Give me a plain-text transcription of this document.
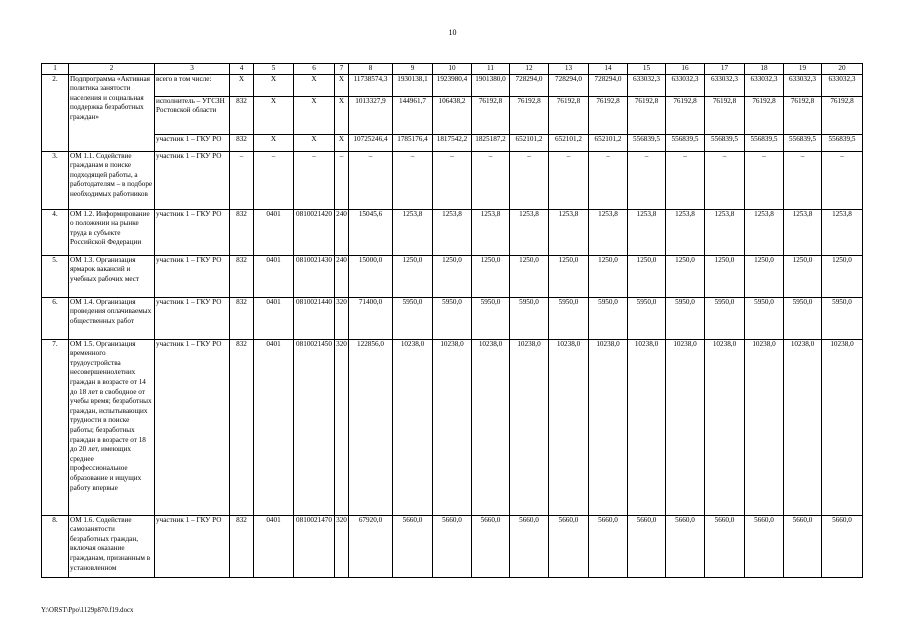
10
1	2	3	4	5	6	7	8	9	10	11	12	13	14	15	16	17	18	19	20
2.	Подпрограмма «Активная политика занятости населения и социальная поддержка безработных граждан»	всего в том числе:	Х	Х	Х	Х	11738574,3	1930138,1	1923980,4	1901380,0	728294,0	728294,0	728294,0	633032,3	633032,3	633032,3	633032,3	633032,3	633032,3
		исполнитель – УГСЗН Ростовской области	832	Х	Х	Х	1013327,9	144961,7	106438,2	76192,8	76192,8	76192,8	76192,8	76192,8	76192,8	76192,8	76192,8	76192,8	76192,8
		участник 1 – ГКУ РО	832	Х	Х	Х	10725246,4	1785176,4	1817542,2	1825187,2	652101,2	652101,2	652101,2	556839,5	556839,5	556839,5	556839,5	556839,5	556839,5
3.	ОМ 1.1. Содействие гражданам в поиске подходящей работы, а работодателям – в подборе необходимых работников	участник 1 – ГКУ РО	–	–	–	–	–	–	–	–	–	–	–	–	–	–	–	–	–
4.	ОМ 1.2. Информирование о положении на рынке труда в субъекте Российской Федерации	участник 1 – ГКУ РО	832	0401	0810021420	240	15045,6	1253,8	1253,8	1253,8	1253,8	1253,8	1253,8	1253,8	1253,8	1253,8	1253,8	1253,8	1253,8
5.	ОМ 1.3. Организация ярмарок вакансий и учебных рабочих мест	участник 1 – ГКУ РО	832	0401	0810021430	240	15000,0	1250,0	1250,0	1250,0	1250,0	1250,0	1250,0	1250,0	1250,0	1250,0	1250,0	1250,0	1250,0
6.	ОМ 1.4. Организация проведения оплачиваемых общественных работ	участник 1 – ГКУ РО	832	0401	0810021440	320	71400,0	5950,0	5950,0	5950,0	5950,0	5950,0	5950,0	5950,0	5950,0	5950,0	5950,0	5950,0	5950,0
7.	ОМ 1.5. Организация временного трудоустройства несовершеннолетних граждан в возрасте от 14 до 18 лет в свободное от учебы время; безработных граждан, испытывающих трудности в поиске работы; безработных граждан в возрасте от 18 до 20 лет, имеющих среднее профессиональное образование и ищущих работу впервые	участник 1 – ГКУ РО	832	0401	0810021450	320	122856,0	10238,0	10238,0	10238,0	10238,0	10238,0	10238,0	10238,0	10238,0	10238,0	10238,0	10238,0	10238,0
8.	ОМ 1.6. Содействие самозанятости безработных граждан, включая оказание гражданам, признанным в установленном	участник 1 – ГКУ РО	832	0401	0810021470	320	67920,0	5660,0	5660,0	5660,0	5660,0	5660,0	5660,0	5660,0	5660,0	5660,0	5660,0	5660,0	5660,0
Y:\ORST\Ppo\1129p870.f19.docx
